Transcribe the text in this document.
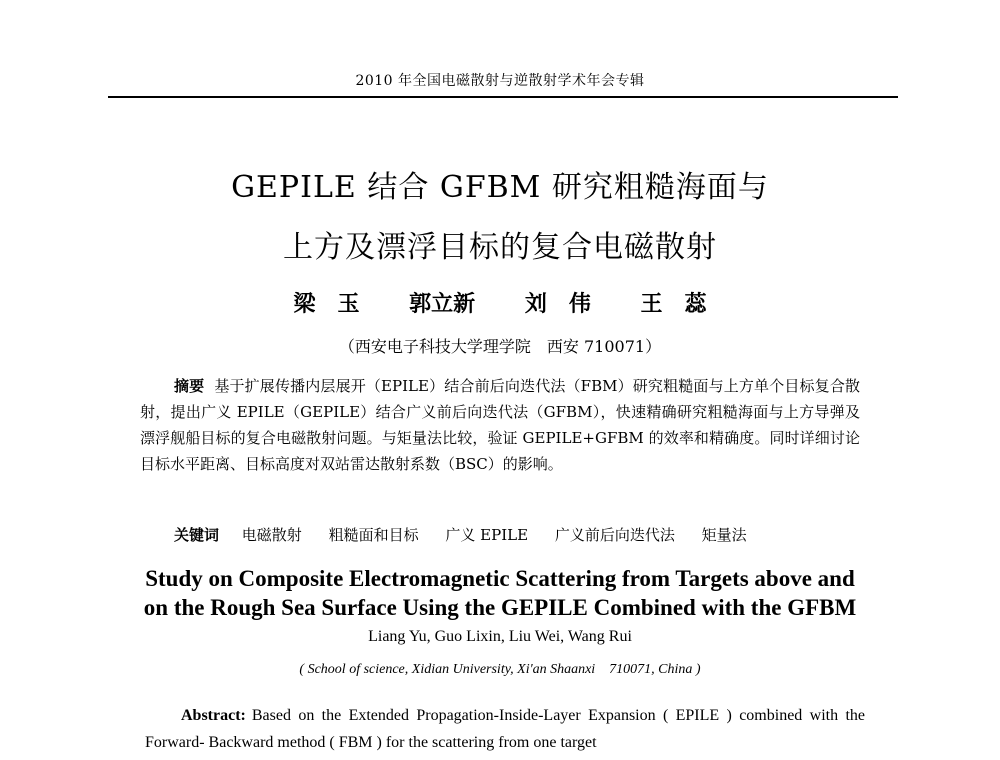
2010 年全国电磁散射与逆散射学术年会专辑
GEPILE 结合 GFBM 研究粗糙海面与
上方及漂浮目标的复合电磁散射
梁　玉 郭立新 刘　伟 王　蕊
（西安电子科技大学理学院　西安 710071）
摘要 基于扩展传播内层展开（EPILE）结合前后向迭代法（FBM）研究粗糙面与上方单个目标复合散射，提出广义 EPILE（GEPILE）结合广义前后向迭代法（GFBM），快速精确研究粗糙海面与上方导弹及漂浮舰船目标的复合电磁散射问题。与矩量法比较，验证 GEPILE+GFBM 的效率和精确度。同时详细讨论目标水平距离、目标高度对双站雷达散射系数（BSC）的影响。
关键词 电磁散射 粗糙面和目标 广义 EPILE 广义前后向迭代法 矩量法
Study on Composite Electromagnetic Scattering from Targets above and
on the Rough Sea Surface Using the GEPILE Combined with the GFBM
Liang Yu, Guo Lixin, Liu Wei, Wang Rui
( School of science, Xidian University, Xi'an Shaanxi　710071, China )
Abstract: Based on the Extended Propagation-Inside-Layer Expansion ( EPILE ) combined with the Forward- Backward method ( FBM ) for the scattering from one target
